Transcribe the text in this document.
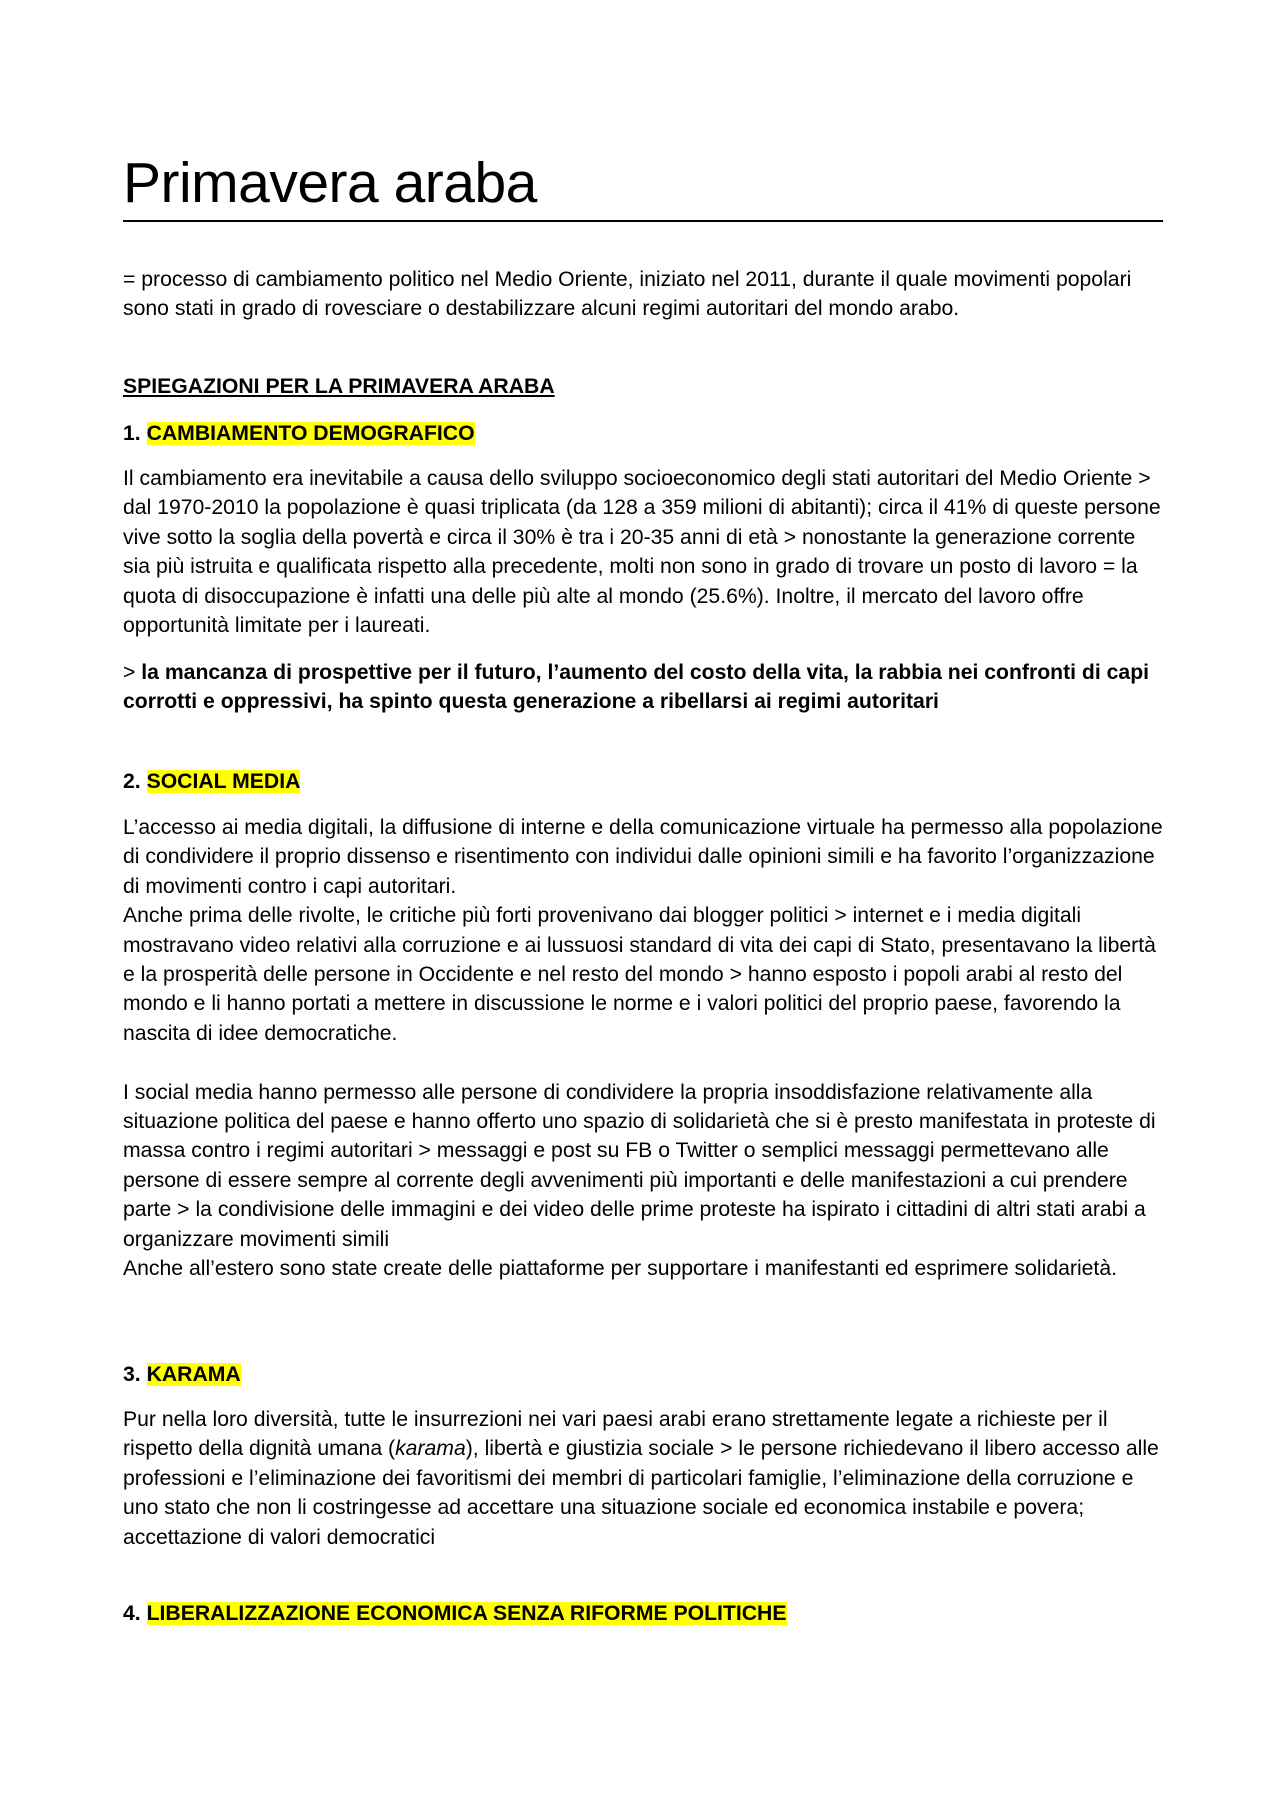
Primavera araba

= processo di cambiamento politico nel Medio Oriente, iniziato nel 2011, durante il quale movimenti popolari sono stati in grado di rovesciare o destabilizzare alcuni regimi autoritari del mondo arabo.

SPIEGAZIONI PER LA PRIMAVERA ARABA

1. CAMBIAMENTO DEMOGRAFICO

Il cambiamento era inevitabile a causa dello sviluppo socioeconomico degli stati autoritari del Medio Oriente > dal 1970-2010 la popolazione è quasi triplicata (da 128 a 359 milioni di abitanti); circa il 41% di queste persone vive sotto la soglia della povertà e circa il 30% è tra i 20-35 anni di età > nonostante la generazione corrente sia più istruita e qualificata rispetto alla precedente, molti non sono in grado di trovare un posto di lavoro = la quota di disoccupazione è infatti una delle più alte al mondo (25.6%). Inoltre, il mercato del lavoro offre opportunità limitate per i laureati.

> la mancanza di prospettive per il futuro, l’aumento del costo della vita, la rabbia nei confronti di capi corrotti e oppressivi, ha spinto questa generazione a ribellarsi ai regimi autoritari

2. SOCIAL MEDIA

L’accesso ai media digitali, la diffusione di interne e della comunicazione virtuale ha permesso alla popolazione di condividere il proprio dissenso e risentimento con individui dalle opinioni simili e ha favorito l’organizzazione di movimenti contro i capi autoritari.

Anche prima delle rivolte, le critiche più forti provenivano dai blogger politici > internet e i media digitali mostravano video relativi alla corruzione e ai lussuosi standard di vita dei capi di Stato, presentavano la libertà e la prosperità delle persone in Occidente e nel resto del mondo > hanno esposto i popoli arabi al resto del mondo e li hanno portati a mettere in discussione le norme e i valori politici del proprio paese, favorendo la nascita di idee democratiche.

I social media hanno permesso alle persone di condividere la propria insoddisfazione relativamente alla situazione politica del paese e hanno offerto uno spazio di solidarietà che si è presto manifestata in proteste di massa contro i regimi autoritari > messaggi e post su FB o Twitter o semplici messaggi permettevano alle persone di essere sempre al corrente degli avvenimenti più importanti e delle manifestazioni a cui prendere parte > la condivisione delle immagini e dei video delle prime proteste ha ispirato i cittadini di altri stati arabi a organizzare movimenti simili

Anche all’estero sono state create delle piattaforme per supportare i manifestanti ed esprimere solidarietà.

3. KARAMA

Pur nella loro diversità, tutte le insurrezioni nei vari paesi arabi erano strettamente legate a richieste per il rispetto della dignità umana (karama), libertà e giustizia sociale > le persone richiedevano il libero accesso alle professioni e l’eliminazione dei favoritismi dei membri di particolari famiglie, l’eliminazione della corruzione e uno stato che non li costringesse ad accettare una situazione sociale ed economica instabile e povera; accettazione di valori democratici

4. LIBERALIZZAZIONE ECONOMICA SENZA RIFORME POLITICHE
